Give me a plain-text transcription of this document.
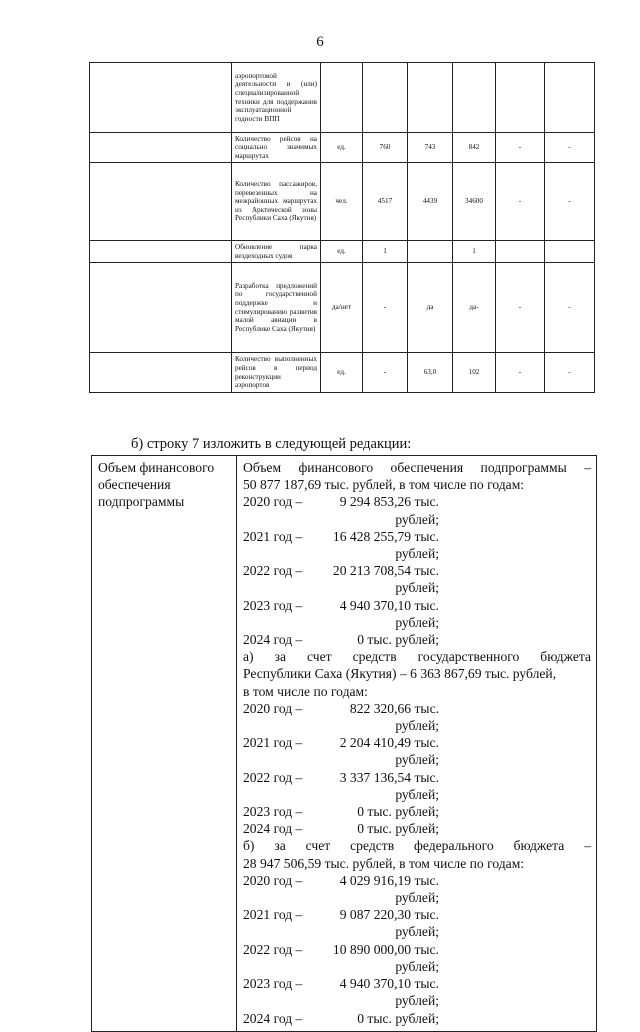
6
	аэропортовой деятельности и (или) специализированной техники для поддержания эксплуатационной годности ВПП						
	Количество рейсов на социально значимых маршрутах	ед.	760	743	842	-	-
	Количество пассажиров, перевезенных на межрайонных маршрутах из Арктической зоны Республики Саха (Якутия)	чел.	4517	4439	34600	-	-
	Обновление парка вездеходных судов	ед.	1		1		
	Разработка предложений по государственной поддержке и стимулированию развития малой авиации в Республике Саха (Якутия)	да/нет	-	да	да-	-	-
	Количество выполненных рейсов в период реконструкции аэропортов	ед.	-	63,0	102	-	-
б) строку 7 изложить в следующей редакции:
Объем финансового обеспечения подпрограммы	
Объем финансового обеспечения подпрограммы –
50 877 187,69 тыс. рублей, в том числе по годам:
2020 год –	9 294 853,26 тыс. рублей;
2021 год –	16 428 255,79 тыс. рублей;
2022 год –	20 213 708,54 тыс. рублей;
2023 год –	4 940 370,10 тыс. рублей;
2024 год –	0 тыс. рублей;
а) за счет средств государственного бюджета
Республики Саха (Якутия) – 6 363 867,69 тыс. рублей,
в том числе по годам:
2020 год –	822 320,66 тыс. рублей;
2021 год –	2 204 410,49 тыс. рублей;
2022 год –	3 337 136,54 тыс. рублей;
2023 год –	0 тыс. рублей;
2024 год –	0 тыс. рублей;
б) за счет средств федерального бюджета –
28 947 506,59 тыс. рублей, в том числе по годам:
2020 год –	4 029 916,19 тыс. рублей;
2021 год –	9 087 220,30 тыс. рублей;
2022 год –	10 890 000,00 тыс. рублей;
2023 год –	4 940 370,10 тыс. рублей;
2024 год –	0 тыс. рублей;
